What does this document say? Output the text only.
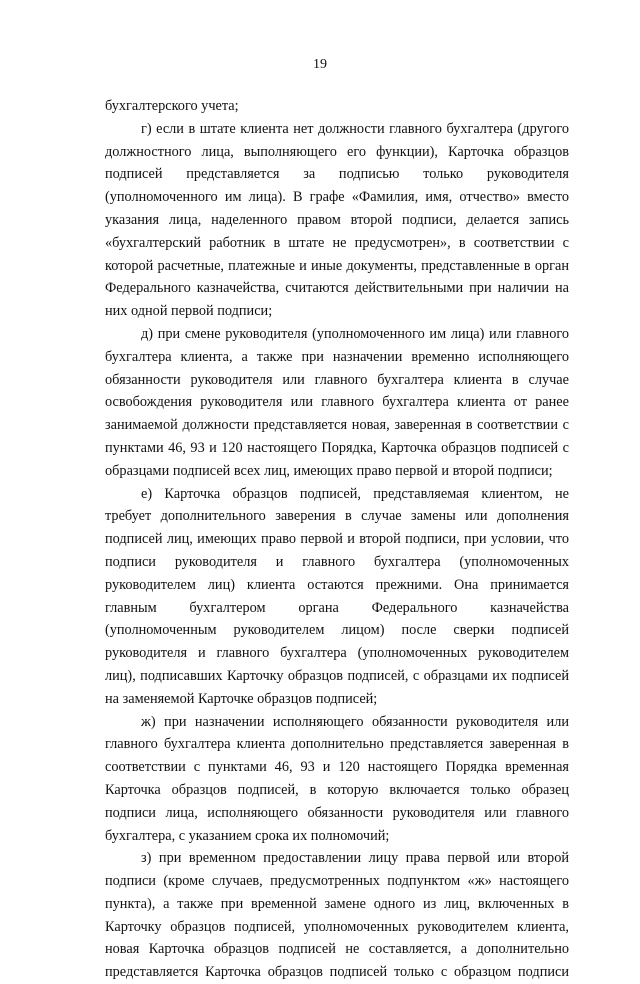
19
бухгалтерского учета;
г) если в штате клиента нет должности главного бухгалтера (другого
должностного лица, выполняющего его функции), Карточка образцов
подписей представляется за подписью только руководителя
(уполномоченного им лица). В графе «Фамилия, имя, отчество» вместо
указания лица, наделенного правом второй подписи, делается запись
«бухгалтерский работник в штате не предусмотрен», в соответствии с
которой расчетные, платежные и иные документы, представленные в орган
Федерального казначейства, считаются действительными при наличии на
них одной первой подписи;
д) при смене руководителя (уполномоченного им лица) или главного
бухгалтера клиента, а также при назначении временно исполняющего
обязанности руководителя или главного бухгалтера клиента в случае
освобождения руководителя или главного бухгалтера клиента от ранее
занимаемой должности представляется новая, заверенная в соответствии с
пунктами 46, 93 и 120 настоящего Порядка, Карточка образцов подписей с
образцами подписей всех лиц, имеющих право первой и второй подписи;
е) Карточка образцов подписей, представляемая клиентом, не
требует дополнительного заверения в случае замены или дополнения
подписей лиц, имеющих право первой и второй подписи, при условии, что
подписи руководителя и главного бухгалтера (уполномоченных
руководителем лиц) клиента остаются прежними. Она принимается
главным бухгалтером органа Федерального казначейства
(уполномоченным руководителем лицом) после сверки подписей
руководителя и главного бухгалтера (уполномоченных руководителем
лиц), подписавших Карточку образцов подписей, с образцами их подписей
на заменяемой Карточке образцов подписей;
ж) при назначении исполняющего обязанности руководителя или
главного бухгалтера клиента дополнительно представляется заверенная в
соответствии с пунктами 46, 93 и 120 настоящего Порядка временная
Карточка образцов подписей, в которую включается только образец
подписи лица, исполняющего обязанности руководителя или главного
бухгалтера, с указанием срока их полномочий;
з) при временном предоставлении лицу права первой или второй
подписи (кроме случаев, предусмотренных подпунктом «ж» настоящего
пункта), а также при временной замене одного из лиц, включенных в
Карточку образцов подписей, уполномоченных руководителем клиента,
новая Карточка образцов подписей не составляется, а дополнительно
представляется Карточка образцов подписей только с образцом подписи
